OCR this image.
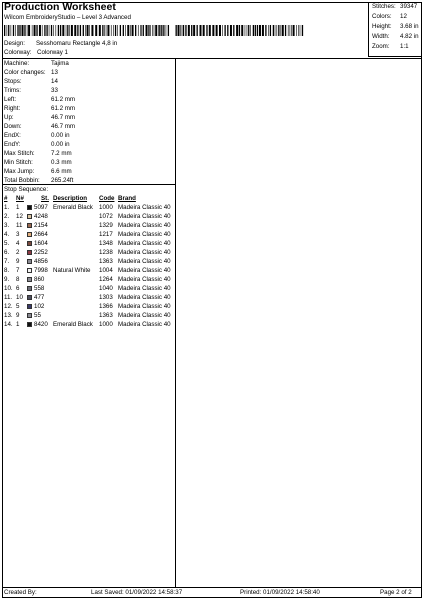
Production Worksheet
Wilcom EmbroideryStudio – Level 3 Advanced
Design: Sesshomaru Rectangle 4,8 in
Colorway: Colorway 1
Stitches: 39347
Colors: 12
Height: 3.68 in
Width: 4.82 in
Zoom: 1:1
Machine:	Tajima
Color changes: 13
Stops:	14
Trims:	33
Left:	61.2 mm
Right:	61.2 mm
Up:	46.7 mm
Down:	46.7 mm
EndX:	0.00 in
EndY:	0.00 in
Max Stitch:	7.2 mm
Min Stitch:	0.3 mm
Max Jump:	6.6 mm
Total Bobbin: 265.24ft
Stop Sequence:
# N#	St. Description Code Brand
1. 1 5097 Emerald Black 1000 Madeira Classic 40
2. 12 4248	1072 Madeira Classic 40
3. 11 2154	1329 Madeira Classic 40
4. 3 2664	1217 Madeira Classic 40
5. 4 1604	1348 Madeira Classic 40
6. 2 2252	1238 Madeira Classic 40
7. 9 4856	1363 Madeira Classic 40
8. 7 7998 Natural White 1004 Madeira Classic 40
9. 8 860	1264 Madeira Classic 40
10. 6 558	1040 Madeira Classic 40
11. 10 477	1303 Madeira Classic 40
12. 5 102	1366 Madeira Classic 40
13. 9 55	1363 Madeira Classic 40
14. 1 8420 Emerald Black 1000 Madeira Classic 40
Created By:	Last Saved: 01/09/2022 14:58:37	Printed: 01/09/2022 14:58:40	Page 2 of 2
